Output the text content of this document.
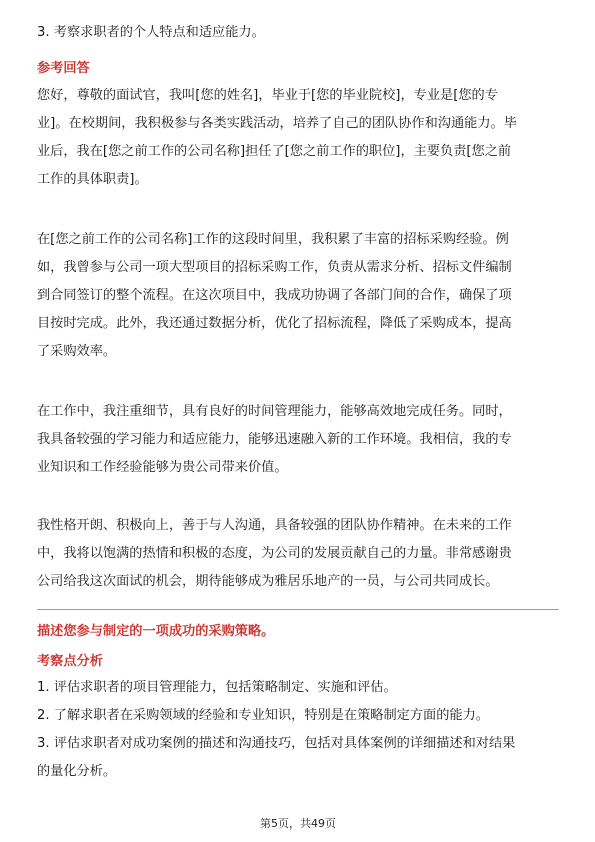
3. 考察求职者的个人特点和适应能力。
参考回答
您好，尊敬的面试官，我叫[您的姓名]，毕业于[您的毕业院校]，专业是[您的专
业]。在校期间，我积极参与各类实践活动，培养了自己的团队协作和沟通能力。毕
业后，我在[您之前工作的公司名称]担任了[您之前工作的职位]，主要负责[您之前
工作的具体职责]。
在[您之前工作的公司名称]工作的这段时间里，我积累了丰富的招标采购经验。例
如，我曾参与公司一项大型项目的招标采购工作，负责从需求分析、招标文件编制
到合同签订的整个流程。在这次项目中，我成功协调了各部门间的合作，确保了项
目按时完成。此外，我还通过数据分析，优化了招标流程，降低了采购成本，提高
了采购效率。
在工作中，我注重细节，具有良好的时间管理能力，能够高效地完成任务。同时，
我具备较强的学习能力和适应能力，能够迅速融入新的工作环境。我相信，我的专
业知识和工作经验能够为贵公司带来价值。
我性格开朗、积极向上，善于与人沟通，具备较强的团队协作精神。在未来的工作
中，我将以饱满的热情和积极的态度，为公司的发展贡献自己的力量。非常感谢贵
公司给我这次面试的机会，期待能够成为雅居乐地产的一员，与公司共同成长。
描述您参与制定的一项成功的采购策略。
考察点分析
1. 评估求职者的项目管理能力，包括策略制定、实施和评估。
2. 了解求职者在采购领域的经验和专业知识，特别是在策略制定方面的能力。
3. 评估求职者对成功案例的描述和沟通技巧，包括对具体案例的详细描述和对结果
的量化分析。
第5页，共49页
